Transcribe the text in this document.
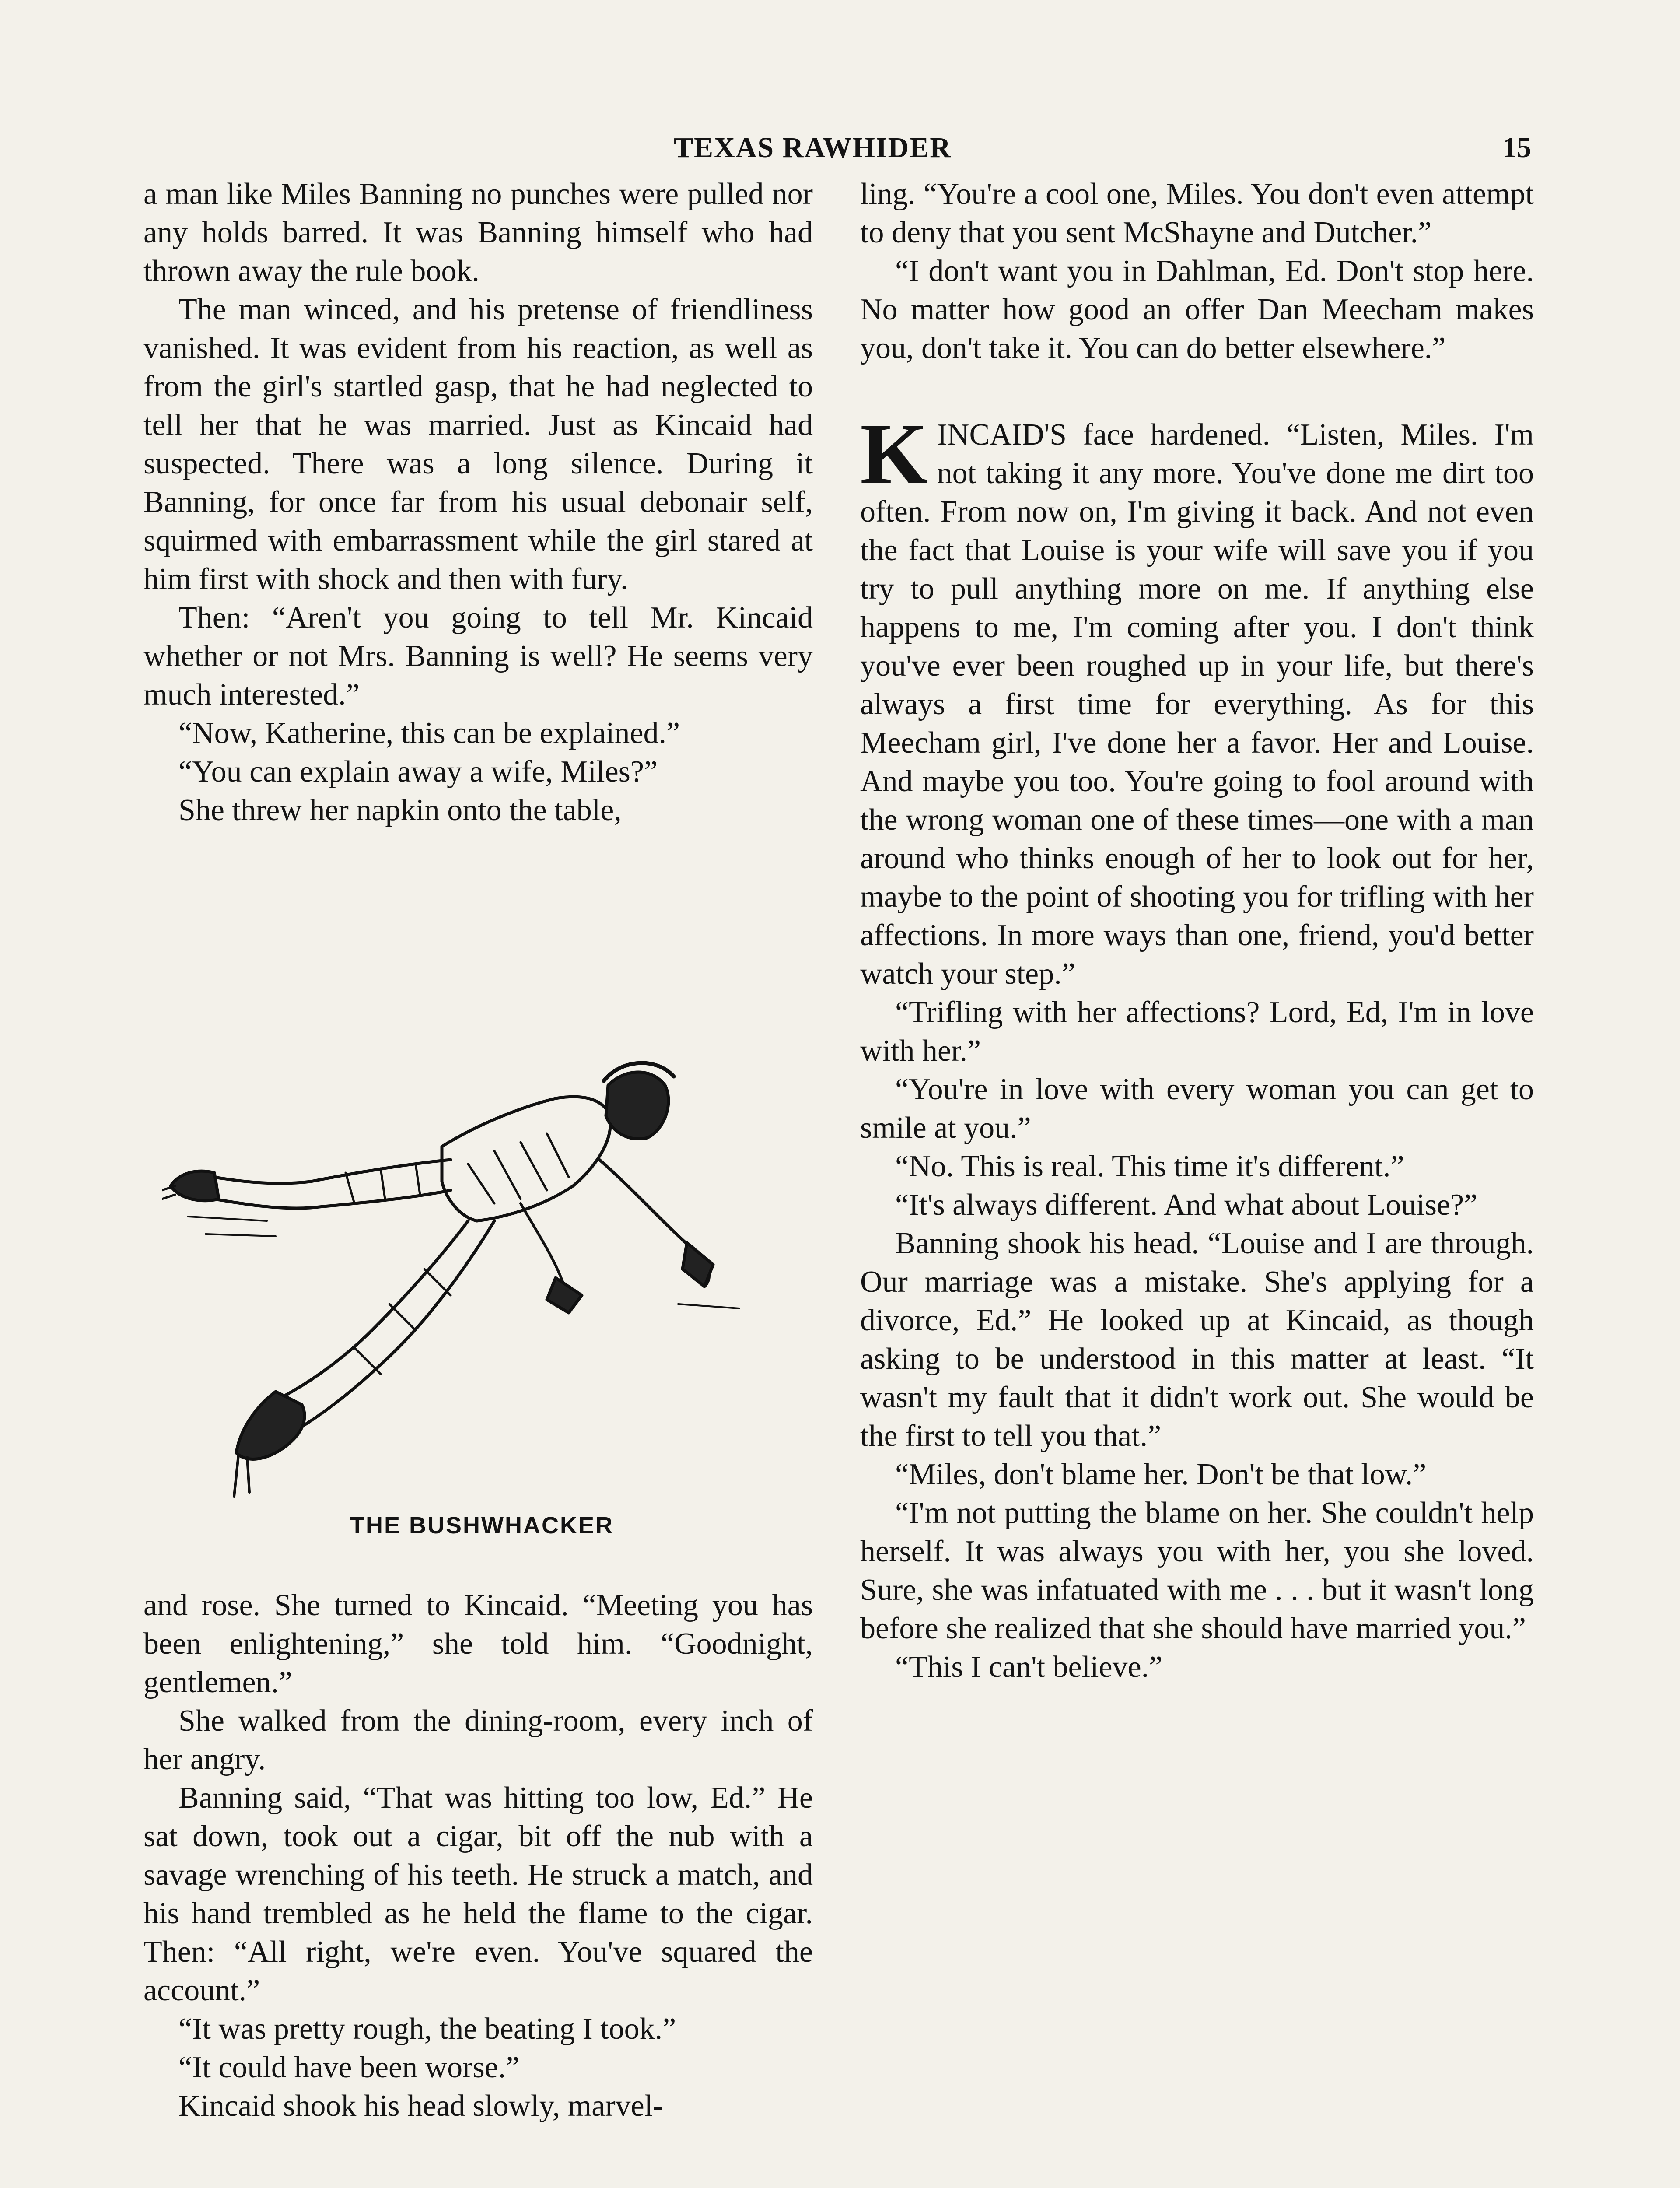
TEXAS RAWHIDER	15

a man like Miles Banning no punches were pulled nor any holds barred. It was Banning himself who had thrown away the rule book.

The man winced, and his pretense of friendliness vanished. It was evident from his reaction, as well as from the girl's startled gasp, that he had neglected to tell her that he was married. Just as Kincaid had suspected. There was a long silence. During it Banning, for once far from his usual debonair self, squirmed with embarrassment while the girl stared at him first with shock and then with fury.

Then: “Aren't you going to tell Mr. Kincaid whether or not Mrs. Banning is well? He seems very much interested.”

“Now, Katherine, this can be explained.”

“You can explain away a wife, Miles?”

She threw her napkin onto the table,

THE BUSHWHACKER

and rose. She turned to Kincaid. “Meeting you has been enlightening,” she told him. “Goodnight, gentlemen.”

She walked from the dining-room, every inch of her angry.

Banning said, “That was hitting too low, Ed.” He sat down, took out a cigar, bit off the nub with a savage wrenching of his teeth. He struck a match, and his hand trembled as he held the flame to the cigar. Then: “All right, we're even. You've squared the account.”

“It was pretty rough, the beating I took.”

“It could have been worse.”

Kincaid shook his head slowly, marvel-

ling. “You're a cool one, Miles. You don't even attempt to deny that you sent McShayne and Dutcher.”

“I don't want you in Dahlman, Ed. Don't stop here. No matter how good an offer Dan Meecham makes you, don't take it. You can do better elsewhere.”

KINCAID'S face hardened. “Listen, Miles. I'm not taking it any more. You've done me dirt too often. From now on, I'm giving it back. And not even the fact that Louise is your wife will save you if you try to pull anything more on me. If anything else happens to me, I'm coming after you. I don't think you've ever been roughed up in your life, but there's always a first time for everything. As for this Meecham girl, I've done her a favor. Her and Louise. And maybe you too. You're going to fool around with the wrong woman one of these times—one with a man around who thinks enough of her to look out for her, maybe to the point of shooting you for trifling with her affections. In more ways than one, friend, you'd better watch your step.”

“Trifling with her affections? Lord, Ed, I'm in love with her.”

“You're in love with every woman you can get to smile at you.”

“No. This is real. This time it's different.”

“It's always different. And what about Louise?”

Banning shook his head. “Louise and I are through. Our marriage was a mistake. She's applying for a divorce, Ed.” He looked up at Kincaid, as though asking to be understood in this matter at least. “It wasn't my fault that it didn't work out. She would be the first to tell you that.”

“Miles, don't blame her. Don't be that low.”

“I'm not putting the blame on her. She couldn't help herself. It was always you with her, you she loved. Sure, she was infatuated with me . . . but it wasn't long before she realized that she should have married you.”

“This I can't believe.”
